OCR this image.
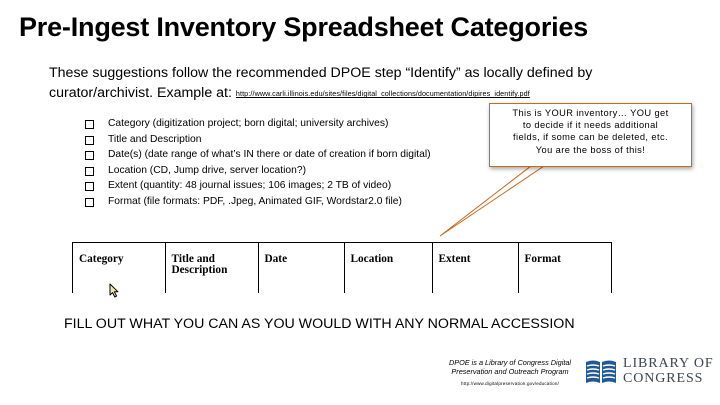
Pre-Ingest Inventory Spreadsheet Categories
These suggestions follow the recommended DPOE step “Identify” as locally defined by
curator/archivist. Example at: http://www.carli.illinois.edu/sites/files/digital_collections/documentation/dipires_identify.pdf
Category (digitization project; born digital; university archives)
Title and Description
Date(s) (date range of what’s IN there or date of creation if born digital)
Location (CD, Jump drive, server location?)
Extent (quantity: 48 journal issues; 106 images; 2 TB of video)
Format (file formats: PDF, .Jpeg, Animated GIF, Wordstar2.0 file)
This is YOUR inventory… YOU get
to decide if it needs additional
fields, if some can be deleted, etc.
You are the boss of this!
Category	Title and Description	Date	Location	Extent	Format
FILL OUT WHAT YOU CAN AS YOU WOULD WITH ANY NORMAL ACCESSION
DPOE is a Library of Congress Digital
Preservation and Outreach Program
http://www.digitalpreservation.gov/education/
LIBRARY OF
CONGRESS
